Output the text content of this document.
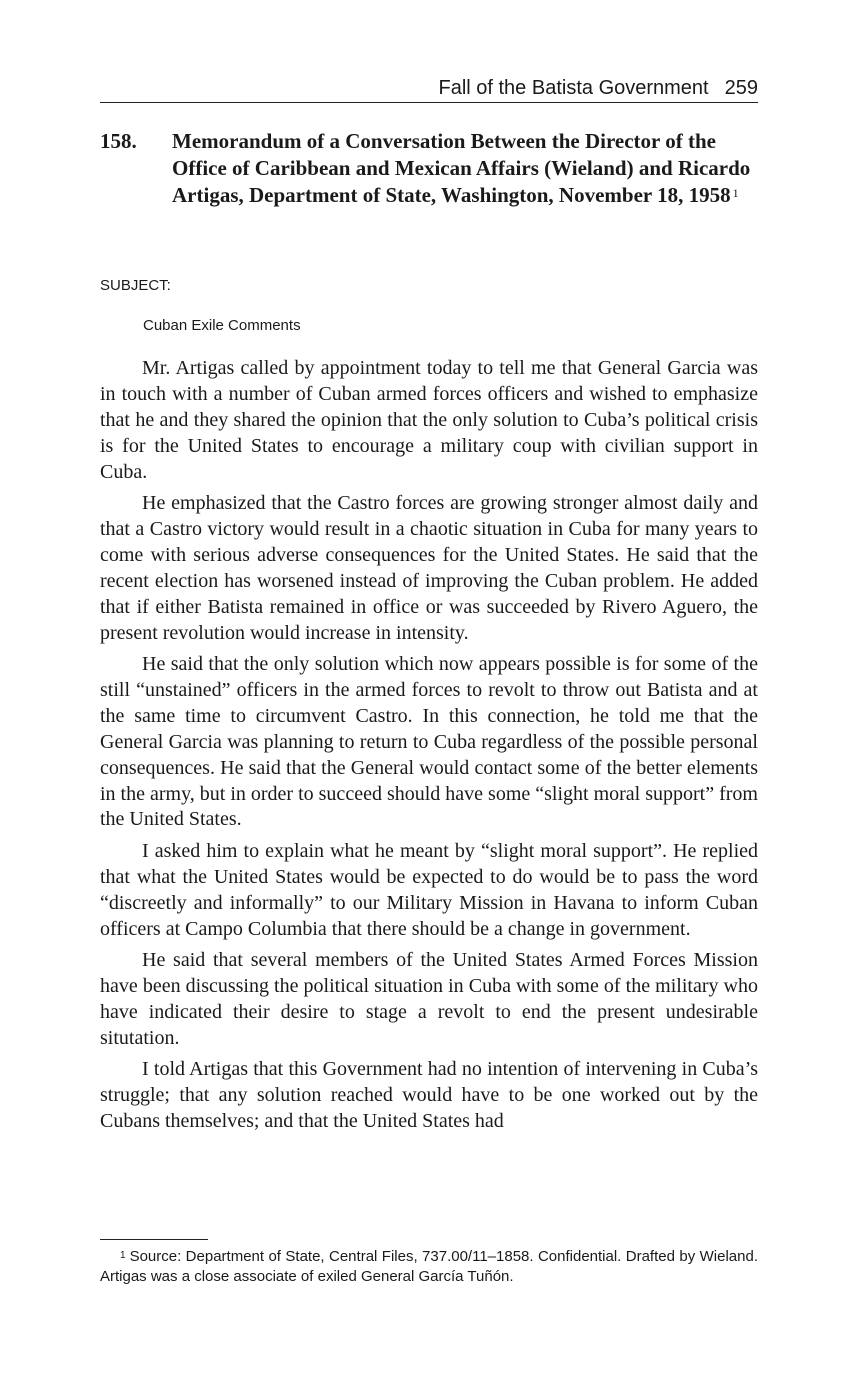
Fall of the Batista Government 259
158. Memorandum of a Conversation Between the Director of the Office of Caribbean and Mexican Affairs (Wieland) and Ricardo Artigas, Department of State, Washington, November 18, 1958 $^1$
SUBJECT:
Cuban Exile Comments

Mr. Artigas called by appointment today to tell me that General Garcia was in touch with a number of Cuban armed forces officers and wished to emphasize that he and they shared the opinion that the only solution to Cuba’s political crisis is for the United States to encourage a military coup with civilian support in Cuba.

He emphasized that the Castro forces are growing stronger almost daily and that a Castro victory would result in a chaotic situation in Cuba for many years to come with serious adverse consequences for the United States. He said that the recent election has worsened instead of improving the Cuban problem. He added that if either Batista remained in office or was succeeded by Rivero Aguero, the present revolution would increase in intensity.

He said that the only solution which now appears possible is for some of the still “unstained” officers in the armed forces to revolt to throw out Batista and at the same time to circumvent Castro. In this connection, he told me that the General Garcia was planning to return to Cuba regardless of the possible personal consequences. He said that the General would contact some of the better elements in the army, but in order to succeed should have some “slight moral support” from the United States.

I asked him to explain what he meant by “slight moral support”. He replied that what the United States would be expected to do would be to pass the word “discreetly and informally” to our Military Mission in Havana to inform Cuban officers at Campo Columbia that there should be a change in government.

He said that several members of the United States Armed Forces Mission have been discussing the political situation in Cuba with some of the military who have indicated their desire to stage a revolt to end the present undesirable situtation.

I told Artigas that this Government had no intention of intervening in Cuba’s struggle; that any solution reached would have to be one worked out by the Cubans themselves; and that the United States had

$^1$ Source: Department of State, Central Files, 737.00/11–1858. Confidential. Drafted by Wieland. Artigas was a close associate of exiled General García Tuñón.
